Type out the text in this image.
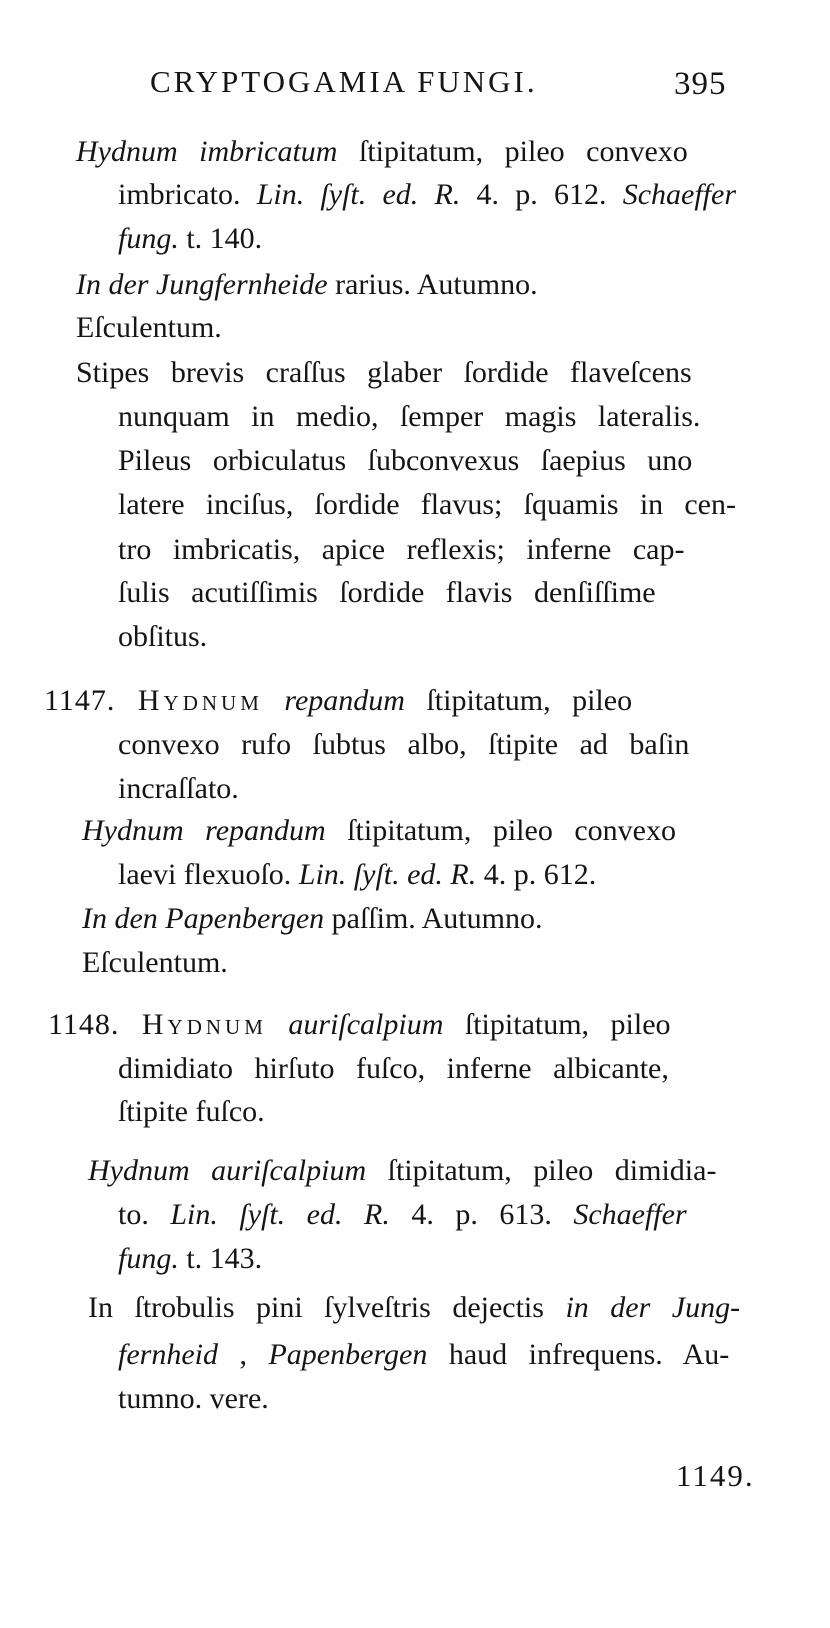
CRYPTOGAMIA FUNGI.	395
Hydnum imbricatum ſtipitatum, pileo convexo
imbricato. Lin. ſyſt. ed. R. 4. p. 612. Schaeffer
fung. t. 140.
In der Jungfernheide rarius. Autumno.
Eſculentum.
Stipes brevis craſſus glaber ſordide flaveſcens
nunquam in medio, ſemper magis lateralis.
Pileus orbiculatus ſubconvexus ſaepius uno
latere inciſus, ſordide flavus; ſquamis in cen-
tro imbricatis, apice reflexis; inferne cap-
ſulis acutiſſimis ſordide flavis denſiſſime
obſitus.
1147. Hydnum repandum ſtipitatum, pileo
convexo rufo ſubtus albo, ſtipite ad baſin
incraſſato.
Hydnum repandum ſtipitatum, pileo convexo
laevi flexuoſo. Lin. ſyſt. ed. R. 4. p. 612.
In den Papenbergen paſſim. Autumno.
Eſculentum.
1148. Hydnum auriſcalpium ſtipitatum, pileo
dimidiato hirſuto fuſco, inferne albicante,
ſtipite fuſco.
Hydnum auriſcalpium ſtipitatum, pileo dimidia-
to. Lin. ſyſt. ed. R. 4. p. 613. Schaeffer
fung. t. 143.
In ſtrobulis pini ſylveſtris dejectis in der Jung-
fernheid , Papenbergen haud infrequens. Au-
tumno. vere.
1149.
